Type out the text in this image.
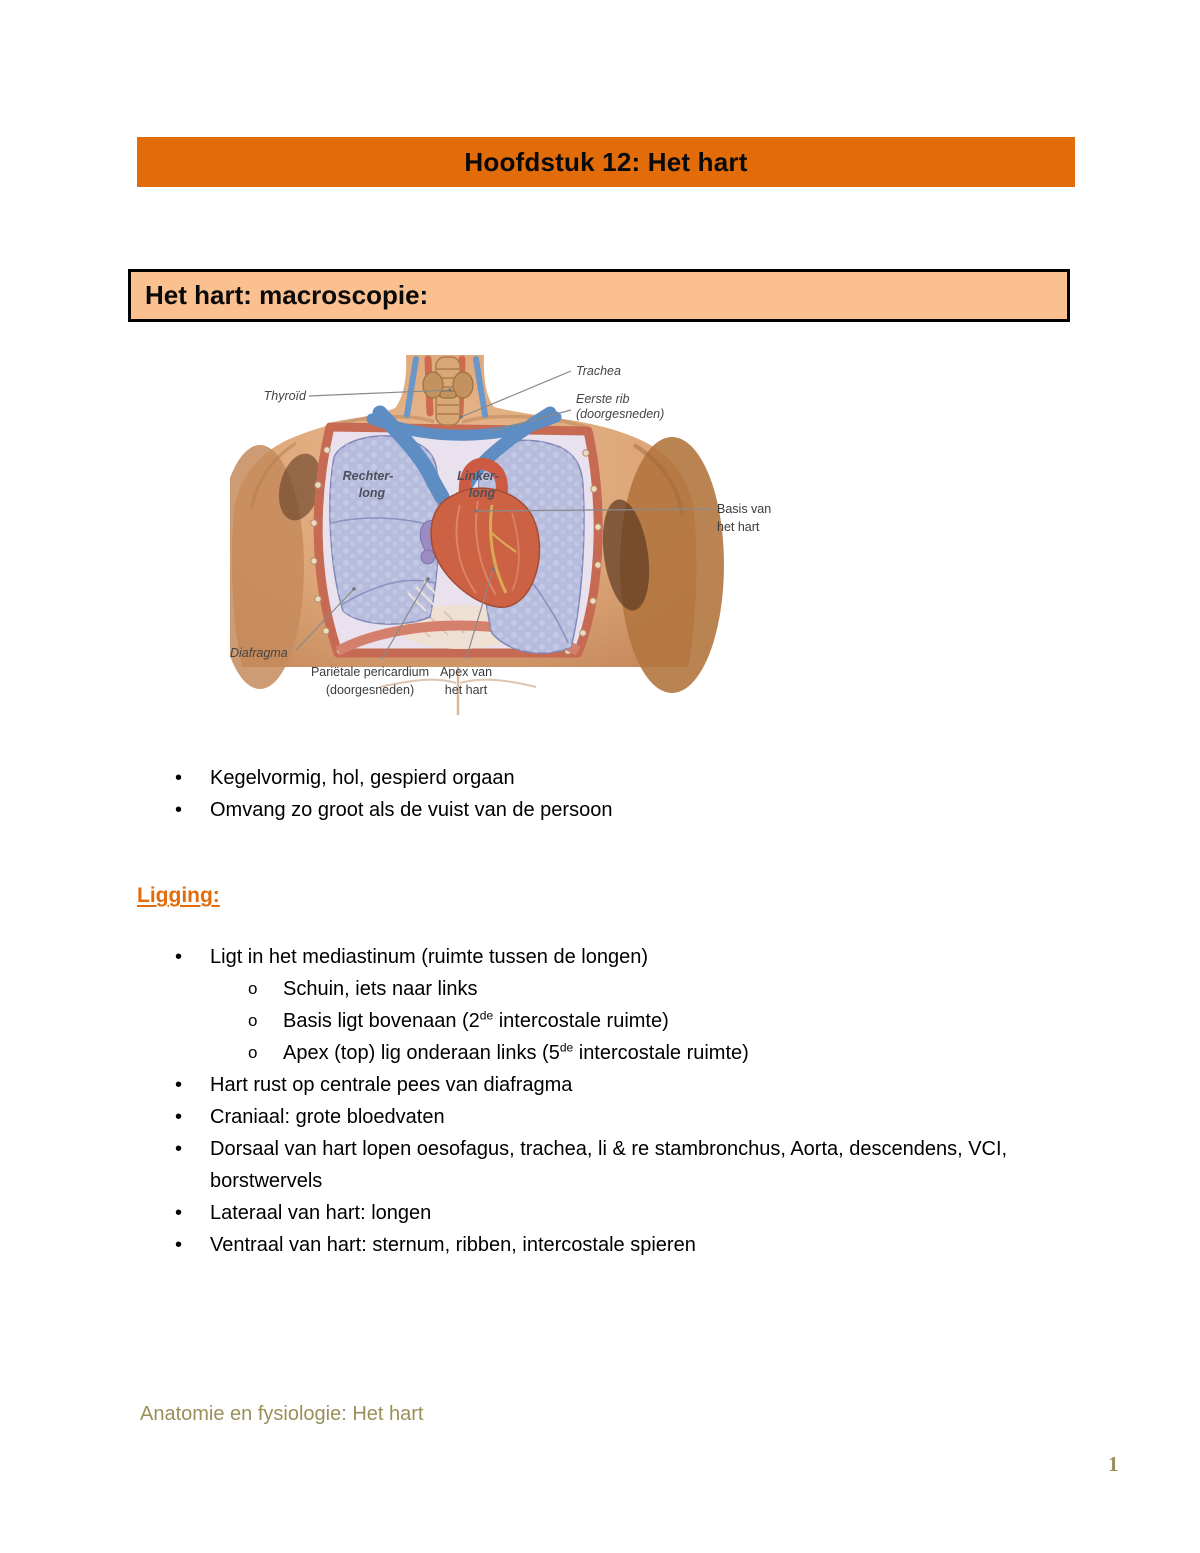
Hoofdstuk 12: Het hart
Het hart: macroscopie:
Thyroïd
Trachea
Eerste rib
(doorgesneden)
Rechter-
long
Linker-
long
Basis van
het hart
Diafragma
Pariëtale pericardium
(doorgesneden)
Apex van
het hart
•	Kegelvormig, hol, gespierd orgaan
•	Omvang zo groot als de vuist van de persoon
Ligging:
•	Ligt in het mediastinum (ruimte tussen de longen)
o	Schuin, iets naar links
o	Basis ligt bovenaan (2de intercostale ruimte)
o	Apex (top) lig onderaan links (5de intercostale ruimte)
•	Hart rust op centrale pees van diafragma
•	Craniaal: grote bloedvaten
•	Dorsaal van hart lopen oesofagus, trachea, li & re stambronchus, Aorta, descendens, VCI, borstwervels
•	Lateraal van hart: longen
•	Ventraal van hart: sternum, ribben, intercostale spieren
Anatomie en fysiologie: Het hart
1
